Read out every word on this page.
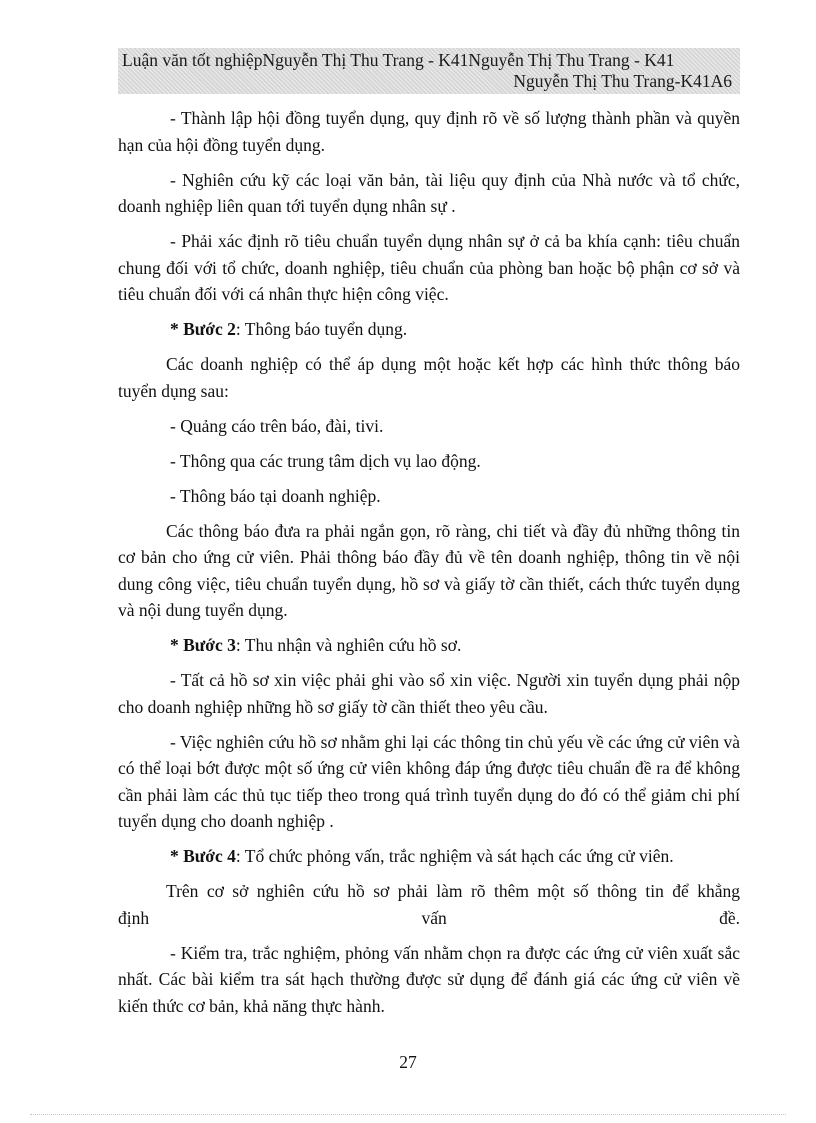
Luận văn tốt nghiệpNguyễn Thị Thu Trang - K41Nguyễn Thị Thu Trang - K41
Nguyễn Thị Thu Trang-K41A6

- Thành lập hội đồng tuyển dụng, quy định rõ về số lượng thành phần và quyền hạn của hội đồng tuyển dụng.

- Nghiên cứu kỹ các loại văn bản, tài liệu quy định của Nhà nước và tổ chức, doanh nghiệp liên quan tới tuyển dụng nhân sự .

- Phải xác định rõ tiêu chuẩn tuyển dụng nhân sự ở cả ba khía cạnh: tiêu chuẩn chung đối với tổ chức, doanh nghiệp, tiêu chuẩn của phòng ban hoặc bộ phận cơ sở và tiêu chuẩn đối với cá nhân thực hiện công việc.

* Bước 2: Thông báo tuyển dụng.

Các doanh nghiệp có thể áp dụng một hoặc kết hợp các hình thức thông báo tuyển dụng sau:

- Quảng cáo trên báo, đài, tivi.

- Thông qua các trung tâm dịch vụ lao động.

- Thông báo tại doanh nghiệp.

Các thông báo đưa ra phải ngắn gọn, rõ ràng, chi tiết và đầy đủ những thông tin cơ bản cho ứng cử viên. Phải thông báo đầy đủ về tên doanh nghiệp, thông tin về nội dung công việc, tiêu chuẩn tuyển dụng, hồ sơ và giấy tờ cần thiết, cách thức tuyển dụng và nội dung tuyển dụng.

* Bước 3: Thu nhận và nghiên cứu hồ sơ.

- Tất cả hồ sơ xin việc phải ghi vào sổ xin việc. Người xin tuyển dụng phải nộp cho doanh nghiệp những hồ sơ giấy tờ cần thiết theo yêu cầu.

- Việc nghiên cứu hồ sơ nhằm ghi lại các thông tin chủ yếu về các ứng cử viên và có thể loại bớt được một số ứng cử viên không đáp ứng được tiêu chuẩn đề ra để không cần phải làm các thủ tục tiếp theo trong quá trình tuyển dụng do đó có thể giảm chi phí tuyển dụng cho doanh nghiệp .

* Bước 4: Tổ chức phỏng vấn, trắc nghiệm và sát hạch các ứng cử viên.

Trên cơ sở nghiên cứu hồ sơ phải làm rõ thêm một số thông tin để khẳng

định vấn đề.

- Kiểm tra, trắc nghiệm, phỏng vấn nhằm chọn ra được các ứng cử viên xuất sắc nhất. Các bài kiểm tra sát hạch thường được sử dụng để đánh giá các ứng cử viên về kiến thức cơ bản, khả năng thực hành.

27
